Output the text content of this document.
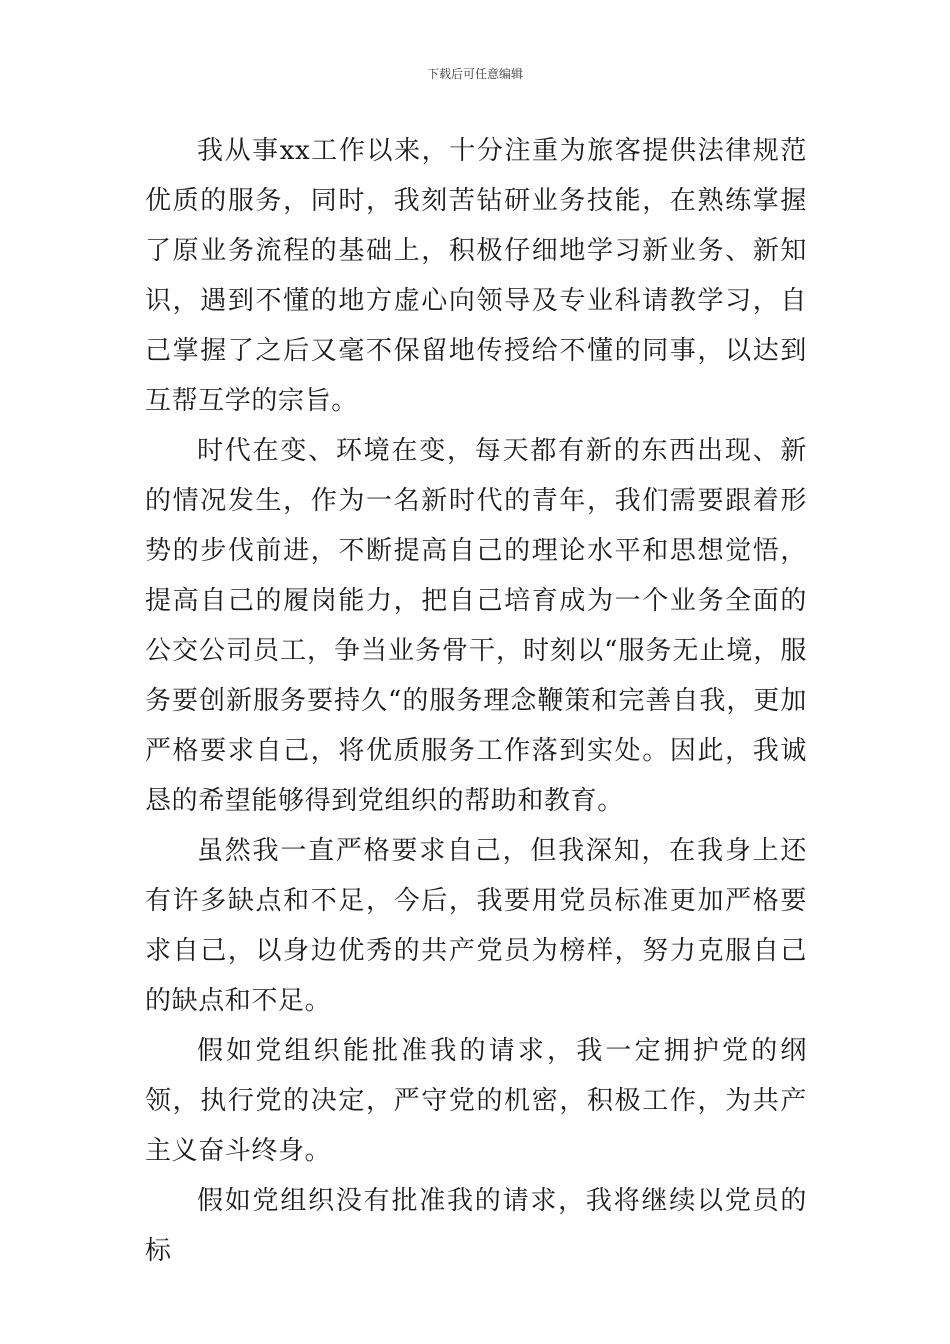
下载后可任意编辑

我从事xx工作以来，十分注重为旅客提供法律规范优质的服务，同时，我刻苦钻研业务技能，在熟练掌握了原业务流程的基础上，积极仔细地学习新业务、新知识，遇到不懂的地方虚心向领导及专业科请教学习，自己掌握了之后又毫不保留地传授给不懂的同事，以达到互帮互学的宗旨。

时代在变、环境在变，每天都有新的东西出现、新的情况发生，作为一名新时代的青年，我们需要跟着形势的步伐前进，不断提高自己的理论水平和思想觉悟，提高自己的履岗能力，把自己培育成为一个业务全面的公交公司员工，争当业务骨干，时刻以“服务无止境，服务要创新服务要持久“的服务理念鞭策和完善自我，更加严格要求自己，将优质服务工作落到实处。因此，我诚恳的希望能够得到党组织的帮助和教育。

虽然我一直严格要求自己，但我深知，在我身上还有许多缺点和不足，今后，我要用党员标准更加严格要求自己，以身边优秀的共产党员为榜样，努力克服自己的缺点和不足。

假如党组织能批准我的请求，我一定拥护党的纲领，执行党的决定，严守党的机密，积极工作，为共产主义奋斗终身。

假如党组织没有批准我的请求，我将继续以党员的标
